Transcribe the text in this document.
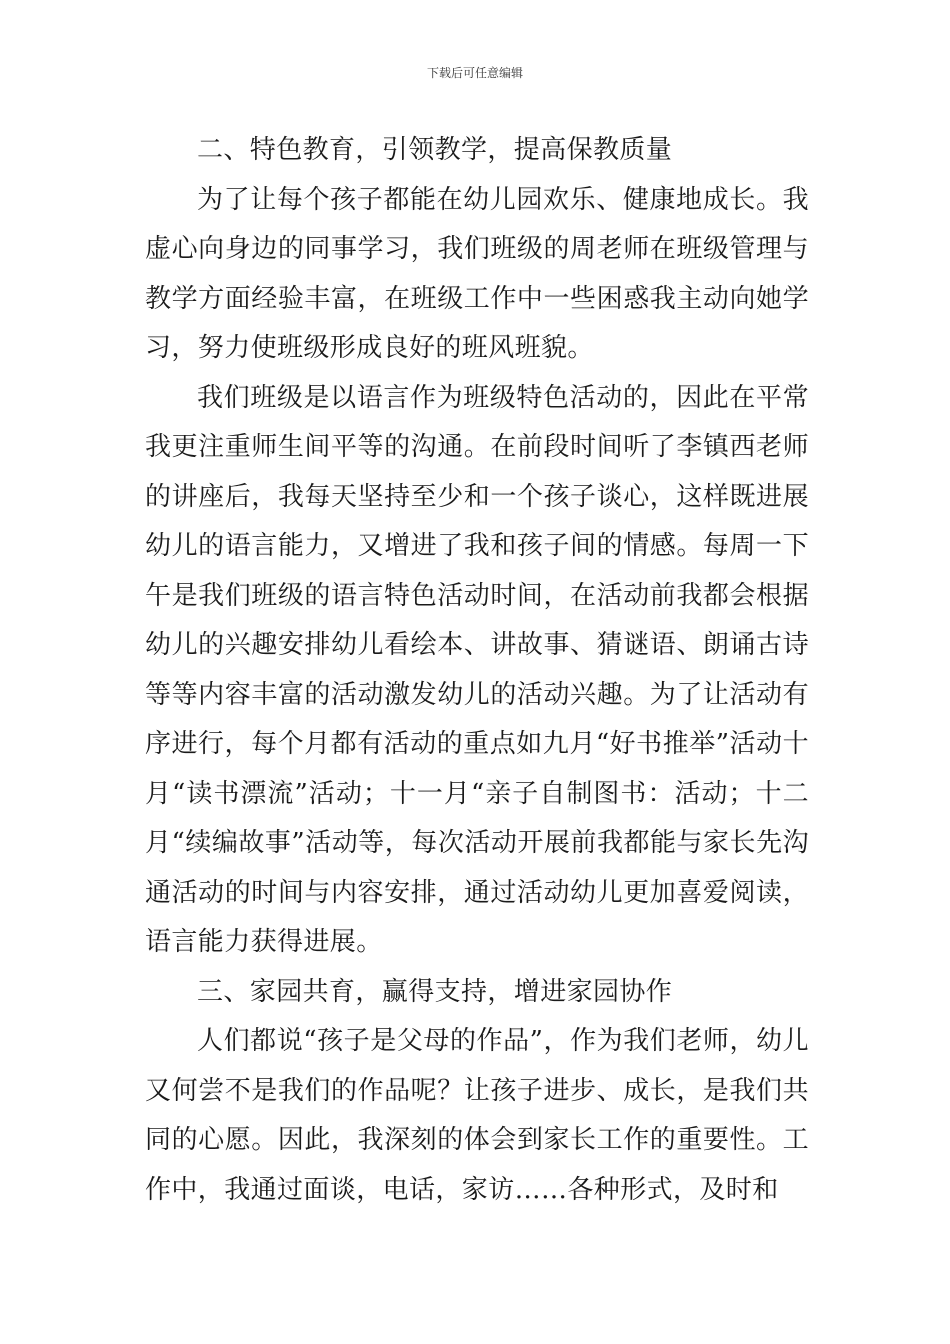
下载后可任意编辑

二、特色教育，引领教学，提高保教质量

为了让每个孩子都能在幼儿园欢乐、健康地成长。我虚心向身边的同事学习，我们班级的周老师在班级管理与教学方面经验丰富，在班级工作中一些困惑我主动向她学习，努力使班级形成良好的班风班貌。

我们班级是以语言作为班级特色活动的，因此在平常我更注重师生间平等的沟通。在前段时间听了李镇西老师的讲座后，我每天坚持至少和一个孩子谈心，这样既进展幼儿的语言能力，又增进了我和孩子间的情感。每周一下午是我们班级的语言特色活动时间，在活动前我都会根据幼儿的兴趣安排幼儿看绘本、讲故事、猜谜语、朗诵古诗等等内容丰富的活动激发幼儿的活动兴趣。为了让活动有序进行，每个月都有活动的重点如九月“好书推举”活动十月“读书漂流”活动；十一月“亲子自制图书：活动；十二月“续编故事”活动等，每次活动开展前我都能与家长先沟通活动的时间与内容安排，通过活动幼儿更加喜爱阅读，语言能力获得进展。

三、家园共育，赢得支持，增进家园协作

人们都说“孩子是父母的作品”，作为我们老师，幼儿又何尝不是我们的作品呢？让孩子进步、成长，是我们共同的心愿。因此，我深刻的体会到家长工作的重要性。工作中，我通过面谈，电话，家访……各种形式，及时和
